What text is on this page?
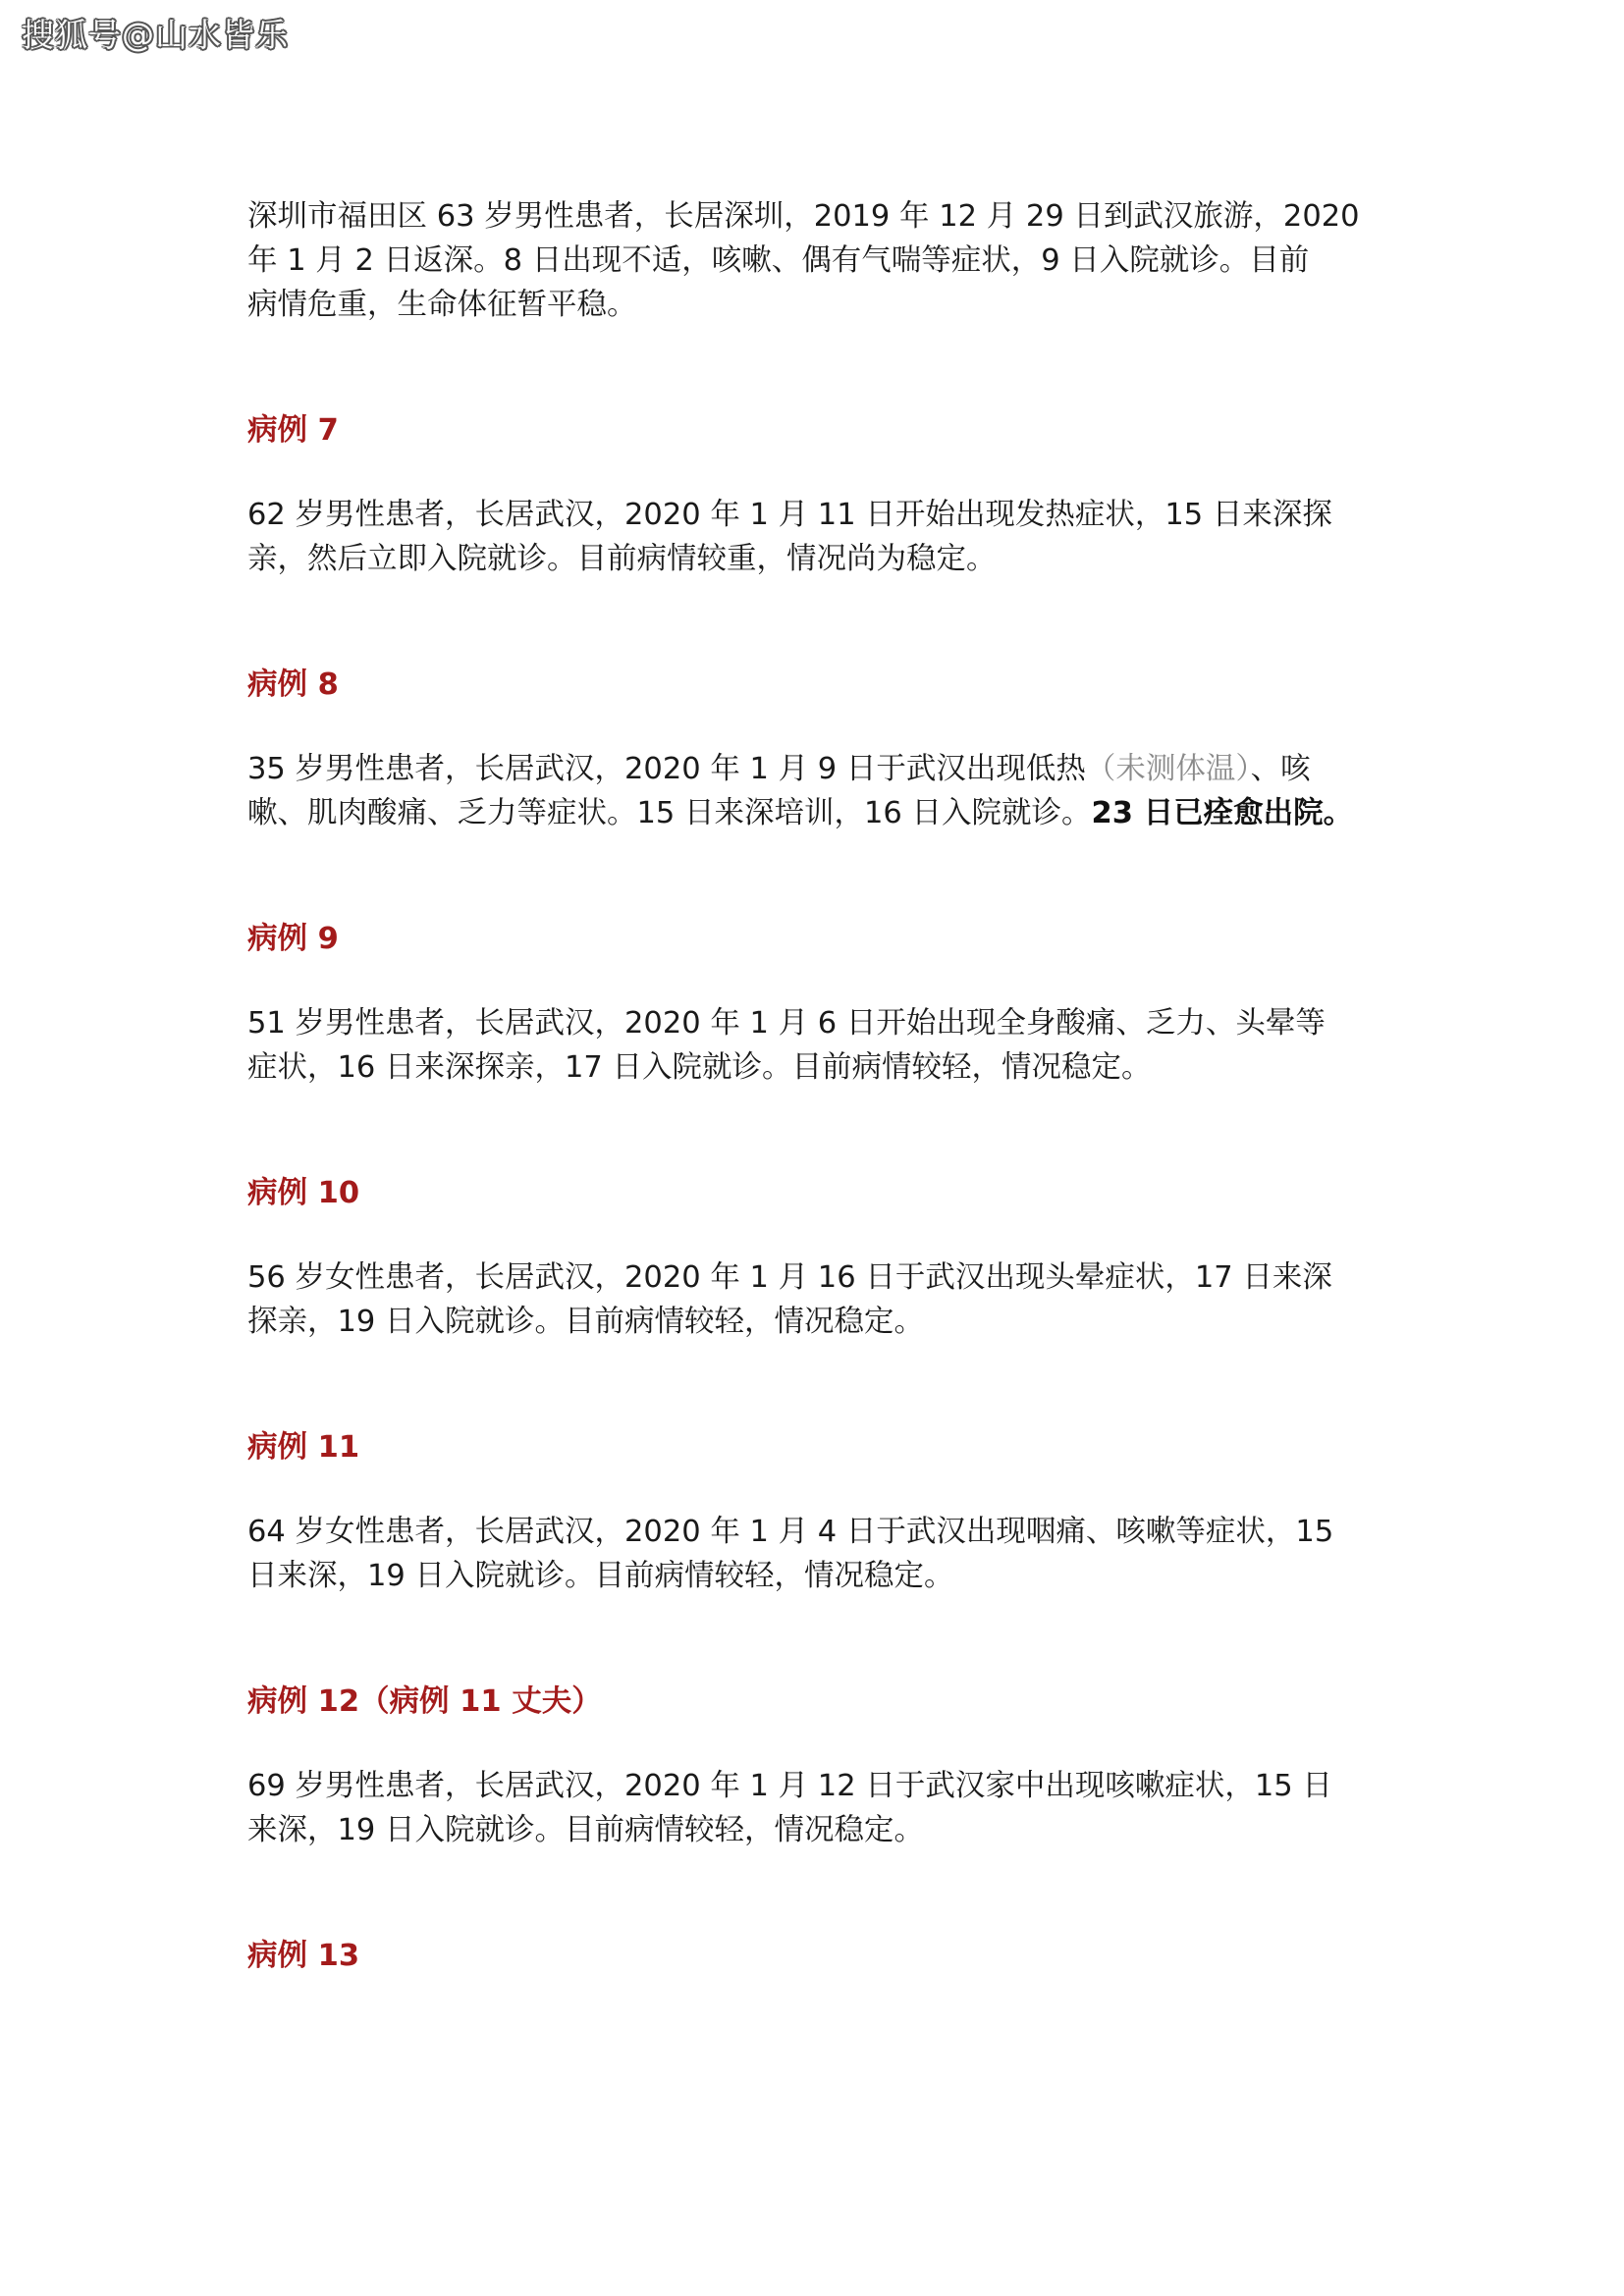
搜狐号@山水皆乐

深圳市福田区 63 岁男性患者，长居深圳，2019 年 12 月 29 日到武汉旅游，2020
年 1 月 2 日返深。8 日出现不适，咳嗽、偶有气喘等症状，9 日入院就诊。目前
病情危重，生命体征暂平稳。

病例 7

62 岁男性患者，长居武汉，2020 年 1 月 11 日开始出现发热症状，15 日来深探
亲，然后立即入院就诊。目前病情较重，情况尚为稳定。

病例 8

35 岁男性患者，长居武汉，2020 年 1 月 9 日于武汉出现低热（未测体温）、咳
嗽、肌肉酸痛、乏力等症状。15 日来深培训，16 日入院就诊。23 日已痊愈出院。

病例 9

51 岁男性患者，长居武汉，2020 年 1 月 6 日开始出现全身酸痛、乏力、头晕等
症状，16 日来深探亲，17 日入院就诊。目前病情较轻，情况稳定。

病例 10

56 岁女性患者，长居武汉，2020 年 1 月 16 日于武汉出现头晕症状，17 日来深
探亲，19 日入院就诊。目前病情较轻，情况稳定。

病例 11

64 岁女性患者，长居武汉，2020 年 1 月 4 日于武汉出现咽痛、咳嗽等症状，15
日来深，19 日入院就诊。目前病情较轻，情况稳定。

病例 12（病例 11 丈夫）

69 岁男性患者，长居武汉，2020 年 1 月 12 日于武汉家中出现咳嗽症状，15 日
来深，19 日入院就诊。目前病情较轻，情况稳定。

病例 13
